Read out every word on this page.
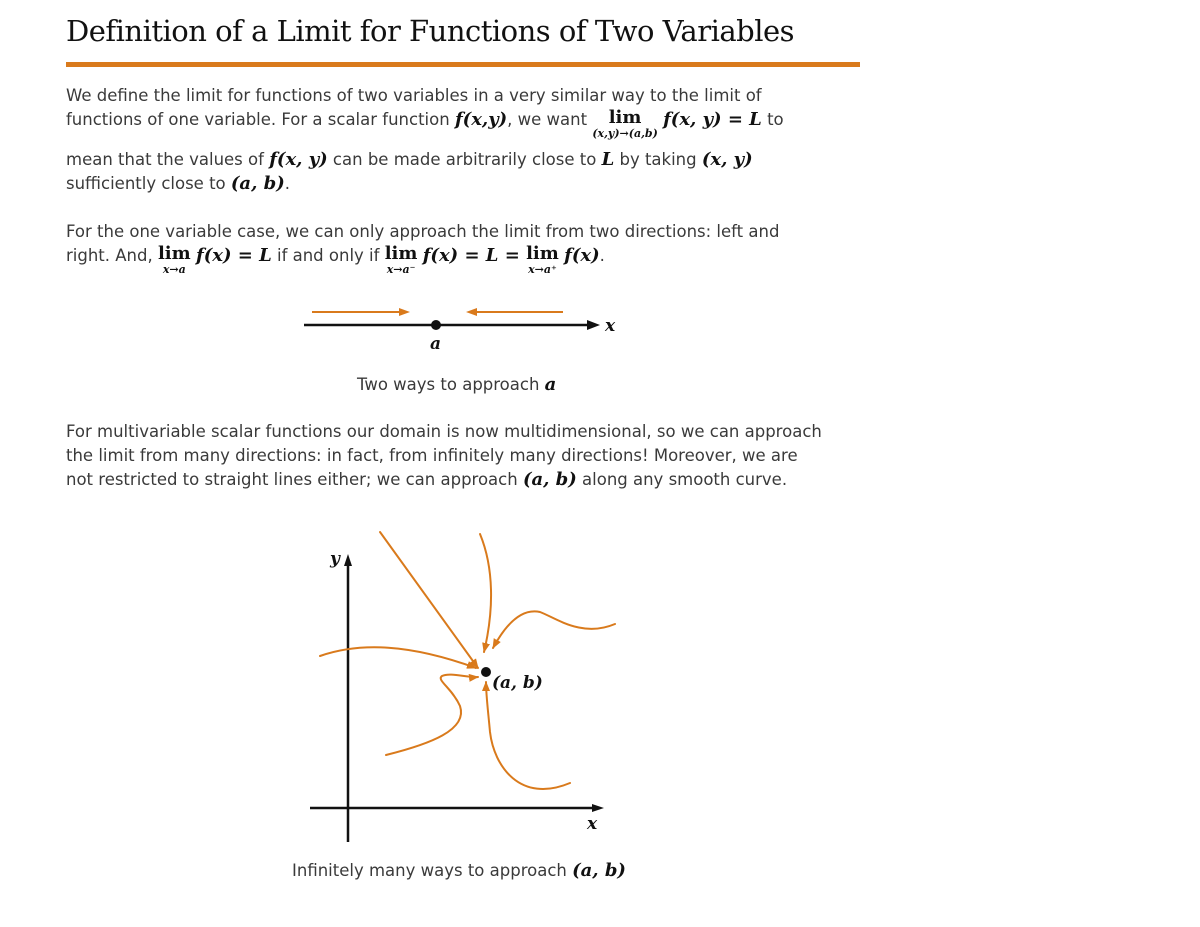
Definition of a Limit for Functions of Two Variables

We define the limit for functions of two variables in a very similar way to the limit of

functions of one variable. For a scalar function f(x,y), we want lim
(x,y)→(a,b)
f(x, y) = L to

mean that the values of f(x, y) can be made arbitrarily close to L by taking (x, y)

sufficiently close to (a, b).

For the one variable case, we can only approach the limit from two directions: left and

right. And, lim
x→a
f(x) = L if and only if lim
x→a⁻
f(x) = L = lim
x→a⁺
f(x).

x
a

Two ways to approach a

For multivariable scalar functions our domain is now multidimensional, so we can approach

the limit from many directions: in fact, from infinitely many directions! Moreover, we are

not restricted to straight lines either; we can approach (a, b) along any smooth curve.

y
x
(a, b)

Infinitely many ways to approach (a, b)
